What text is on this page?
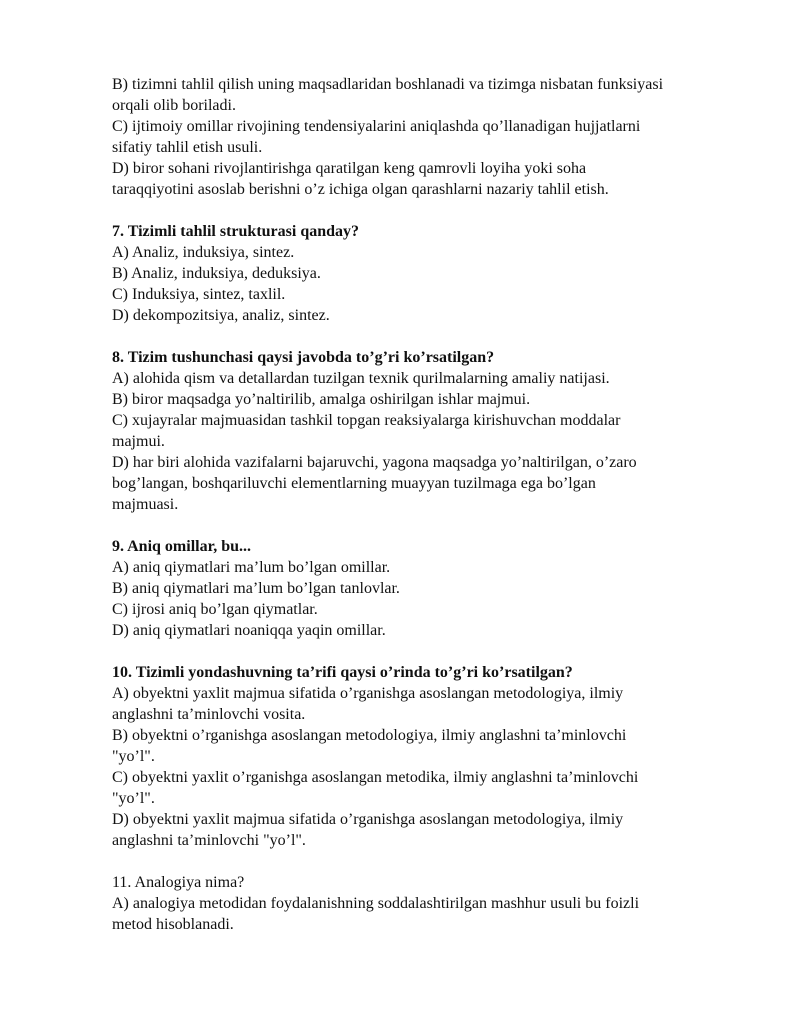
B) tizimni tahlil qilish uning maqsadlaridan boshlanadi va tizimga nisbatan funksiyasi

orqali olib boriladi.

C) ijtimoiy omillar rivojining tendensiyalarini aniqlashda qo’llanadigan hujjatlarni

sifatiy tahlil etish usuli.

D) biror sohani rivojlantirishga qaratilgan keng qamrovli loyiha yoki soha

taraqqiyotini asoslab berishni o’z ichiga olgan qarashlarni nazariy tahlil etish.

7. Tizimli tahlil strukturasi qanday?

A) Analiz, induksiya, sintez.

B) Analiz, induksiya, deduksiya.

C) Induksiya, sintez, taxlil.

D) dekompozitsiya, analiz, sintez.

8. Tizim tushunchasi qaysi javobda to’g’ri ko’rsatilgan?

A) alohida qism va detallardan tuzilgan texnik qurilmalarning amaliy natijasi.

B) biror maqsadga yo’naltirilib, amalga oshirilgan ishlar majmui.

C) xujayralar majmuasidan tashkil topgan reaksiyalarga kirishuvchan moddalar

majmui.

D) har biri alohida vazifalarni bajaruvchi, yagona maqsadga yo’naltirilgan, o’zaro

bog’langan, boshqariluvchi elementlarning muayyan tuzilmaga ega bo’lgan

majmuasi.

9. Aniq omillar, bu...

A) aniq qiymatlari ma’lum bo’lgan omillar.

B) aniq qiymatlari ma’lum bo’lgan tanlovlar.

C) ijrosi aniq bo’lgan qiymatlar.

D) aniq qiymatlari noaniqqa yaqin omillar.

10. Tizimli yondashuvning ta’rifi qaysi o’rinda to’g’ri ko’rsatilgan?

A) obyektni yaxlit majmua sifatida o’rganishga asoslangan metodologiya, ilmiy

anglashni ta’minlovchi vosita.

B) obyektni o’rganishga asoslangan metodologiya, ilmiy anglashni ta’minlovchi

"yo’l".

C) obyektni yaxlit o’rganishga asoslangan metodika, ilmiy anglashni ta’minlovchi

"yo’l".

D) obyektni yaxlit majmua sifatida o’rganishga asoslangan metodologiya, ilmiy

anglashni ta’minlovchi "yo’l".

11. Analogiya nima?

A) analogiya metodidan foydalanishning soddalashtirilgan mashhur usuli bu foizli

metod hisoblanadi.
